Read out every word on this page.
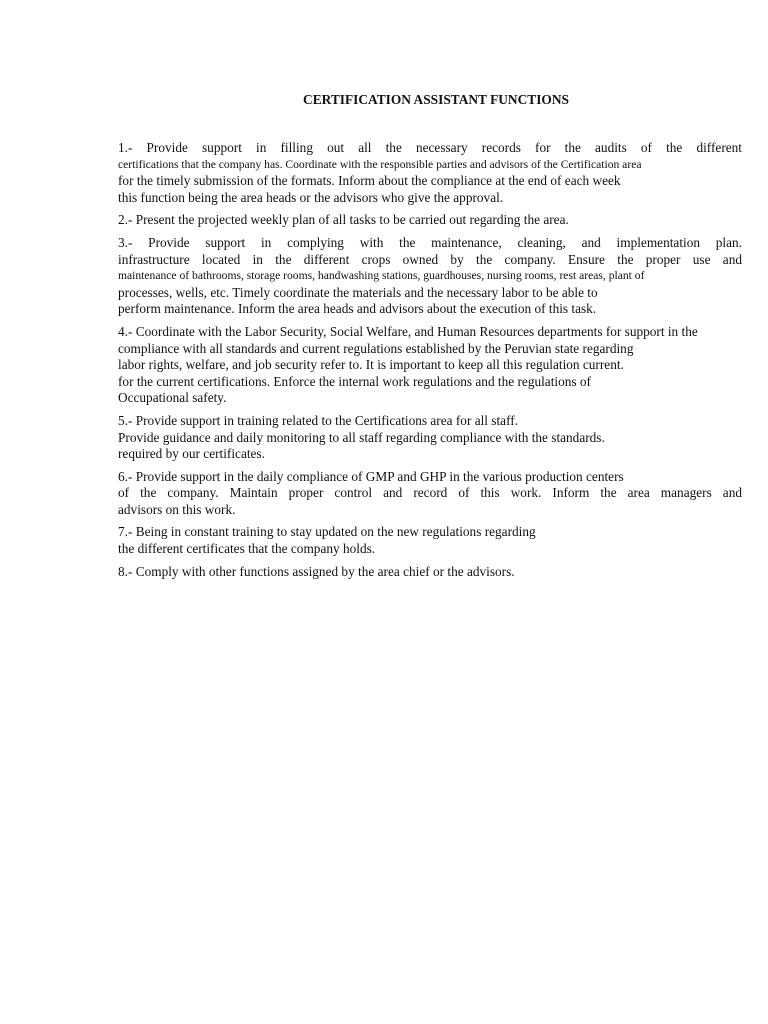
CERTIFICATION ASSISTANT FUNCTIONS
1.- Provide support in filling out all the necessary records for the audits of the different
certifications that the company has. Coordinate with the responsible parties and advisors of the Certification area
for the timely submission of the formats. Inform about the compliance at the end of each week
this function being the area heads or the advisors who give the approval.
2.- Present the projected weekly plan of all tasks to be carried out regarding the area.
3.- Provide support in complying with the maintenance, cleaning, and implementation plan.
infrastructure located in the different crops owned by the company. Ensure the proper use and
maintenance of bathrooms, storage rooms, handwashing stations, guardhouses, nursing rooms, rest areas, plant of
processes, wells, etc. Timely coordinate the materials and the necessary labor to be able to
perform maintenance. Inform the area heads and advisors about the execution of this task.
4.- Coordinate with the Labor Security, Social Welfare, and Human Resources departments for support in the
compliance with all standards and current regulations established by the Peruvian state regarding
labor rights, welfare, and job security refer to. It is important to keep all this regulation current.
for the current certifications. Enforce the internal work regulations and the regulations of
Occupational safety.
5.- Provide support in training related to the Certifications area for all staff.
Provide guidance and daily monitoring to all staff regarding compliance with the standards.
required by our certificates.
6.- Provide support in the daily compliance of GMP and GHP in the various production centers
of the company. Maintain proper control and record of this work. Inform the area managers and
advisors on this work.
7.- Being in constant training to stay updated on the new regulations regarding
the different certificates that the company holds.
8.- Comply with other functions assigned by the area chief or the advisors.
